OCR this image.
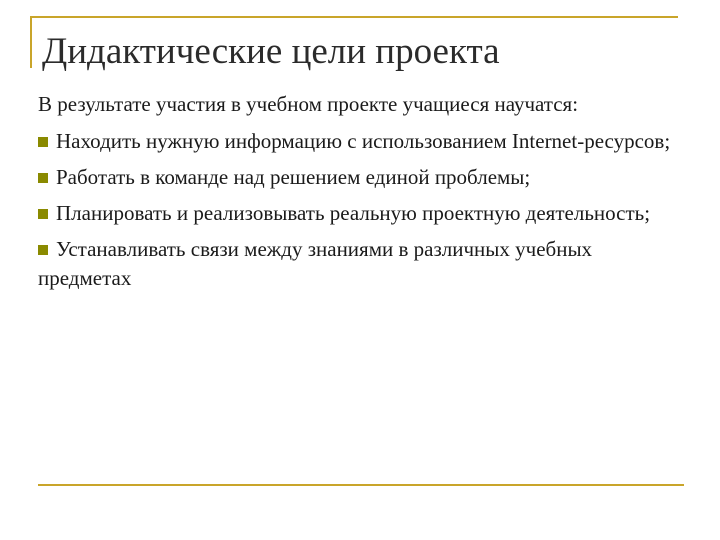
Дидактические цели проекта

В результате участия в учебном проекте учащиеся научатся:

Находить нужную информацию с использованием Internet-ресурсов;

Работать в команде над решением единой проблемы;

Планировать и реализовывать реальную проектную деятельность;

Устанавливать связи между знаниями в различных учебных предметах
